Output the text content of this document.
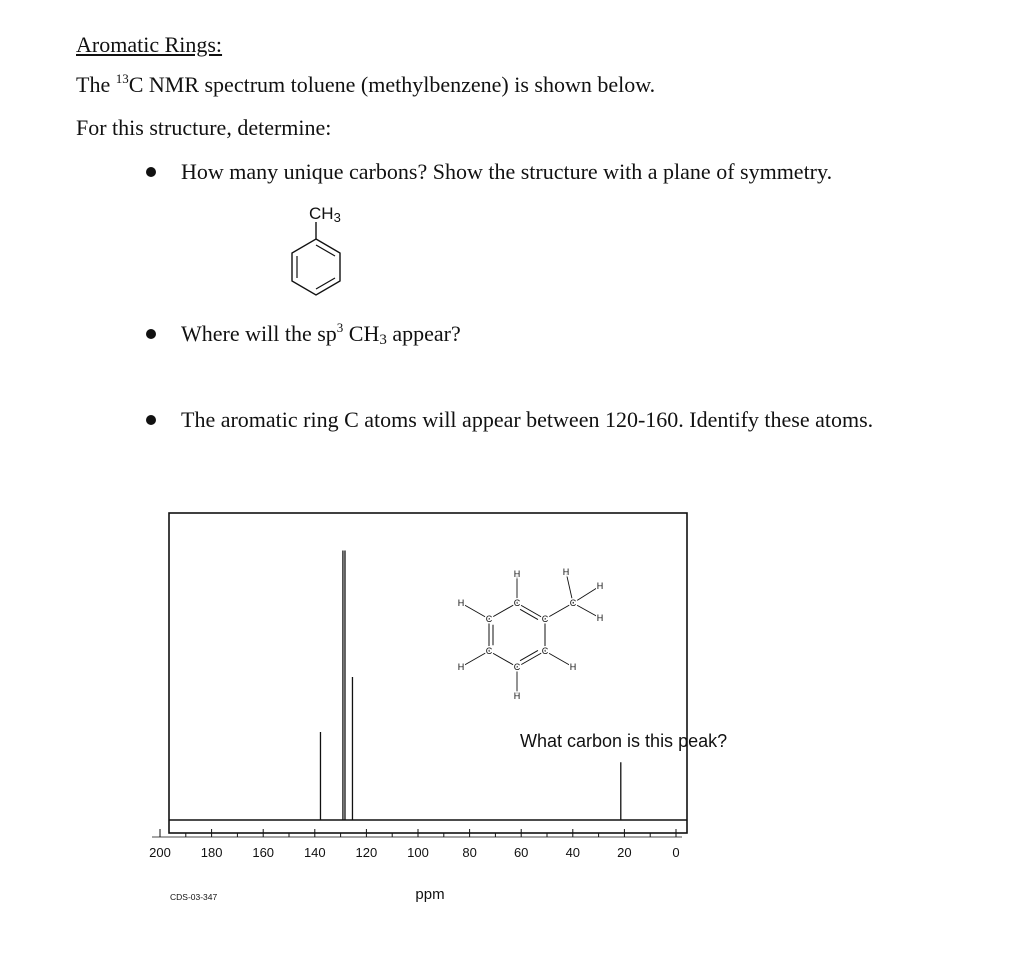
Aromatic Rings:
The $^{13}$C NMR spectrum toluene (methylbenzene) is shown below.
For this structure, determine:
How many unique carbons? Show the structure with a plane of symmetry.
$CH_3$
Where will the $sp^3$ $CH_3$ appear?
The aromatic ring C atoms will appear between 120-160. Identify these atoms.
H
H
H
H
H
H
H
H
C
C
C
C
C
C
C
200 180 160 140 120 100	80	60	40	20	0
ppm
CDS-03-347
What carbon is this peak?
